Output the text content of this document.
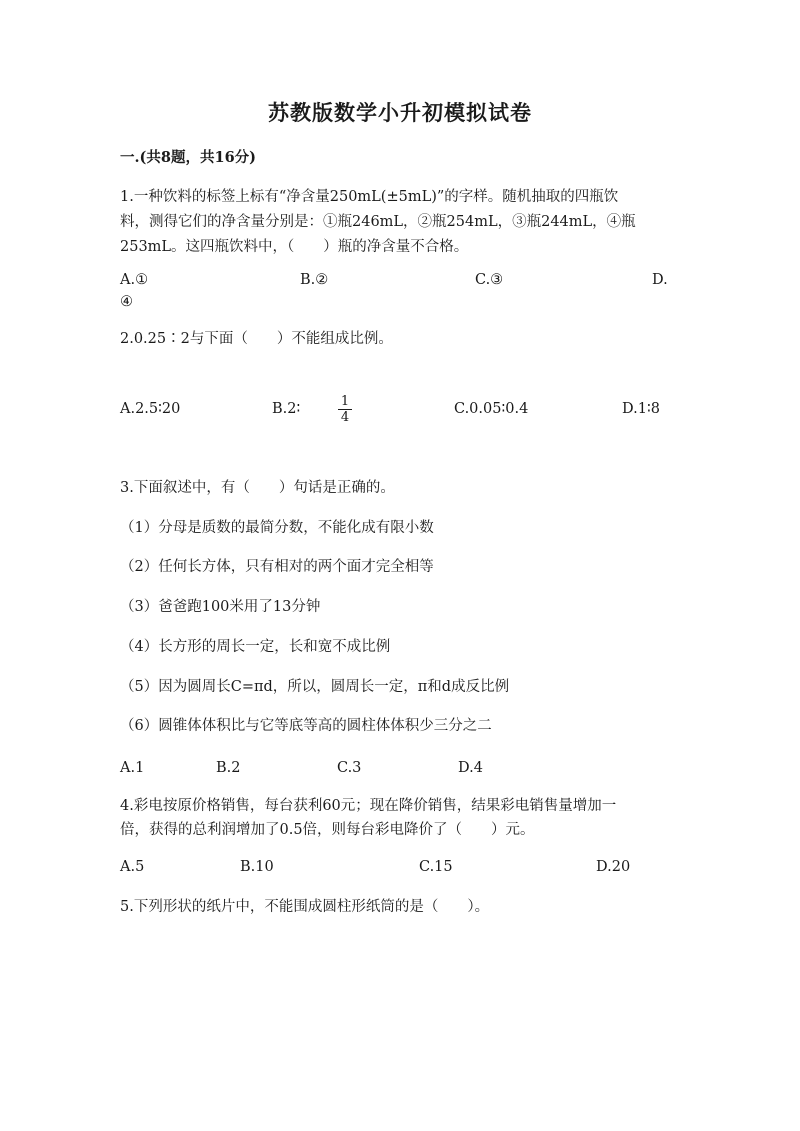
苏教版数学小升初模拟试卷
一.(共8题，共16分)
1.一种饮料的标签上标有“净含量250mL(±5mL)”的字样。随机抽取的四瓶饮
料，测得它们的净含量分别是：①瓶246mL，②瓶254mL，③瓶244mL，④瓶
253mL。这四瓶饮料中，（　　）瓶的净含量不合格。
A.①	B.②	C.③	D.
④
2.0.25∶2与下面（　　）不能组成比例。
A.2.5∶20	B.2∶	$\frac{1}{4}$	C.0.05∶0.4	D.1∶8
3.下面叙述中，有（　　）句话是正确的。
（1）分母是质数的最简分数，不能化成有限小数
（2）任何长方体，只有相对的两个面才完全相等
（3）爸爸跑100米用了13分钟
（4）长方形的周长一定，长和宽不成比例
（5）因为圆周长C=πd，所以，圆周长一定，π和d成反比例
（6）圆锥体体积比与它等底等高的圆柱体体积少三分之二
A.1	B.2	C.3	D.4
4.彩电按原价格销售，每台获利60元；现在降价销售，结果彩电销售量增加一
倍，获得的总利润增加了0.5倍，则每台彩电降价了（　　）元。
A.5	B.10	C.15	D.20
5.下列形状的纸片中，不能围成圆柱形纸筒的是（　　）。
